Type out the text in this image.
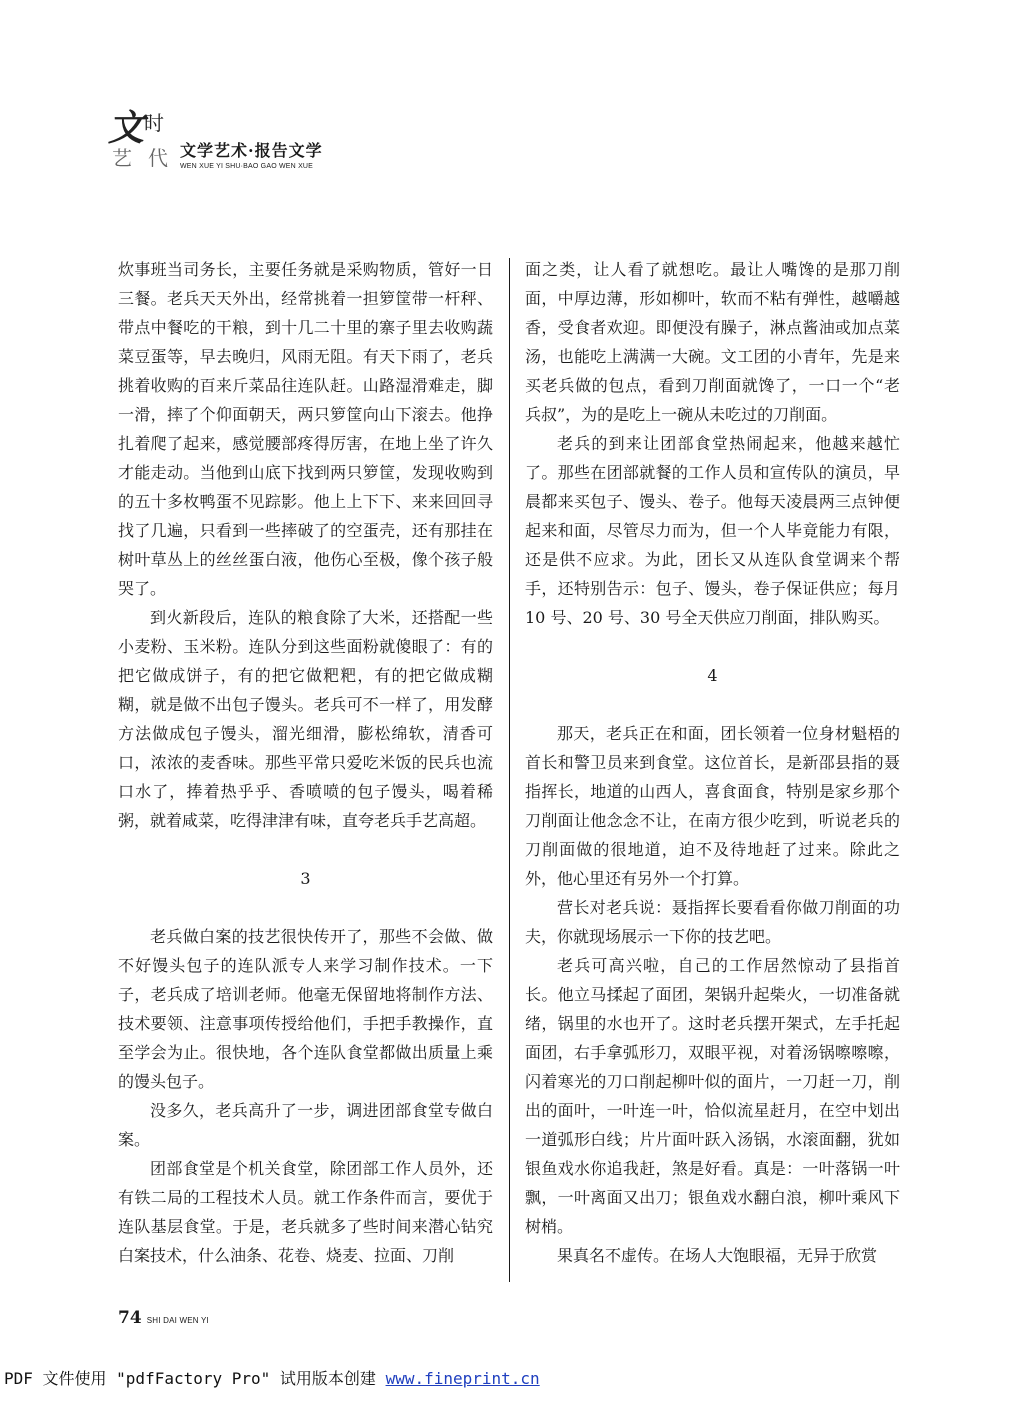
文 时
艺 代 文学艺术·报告文学
WEN XUE YI SHU·BAO GAO WEN XUE

炊事班当司务长，主要任务就是采购物质，管好一日三餐。老兵天天外出，经常挑着一担箩筐带一杆秤、带点中餐吃的干粮，到十几二十里的寨子里去收购蔬菜豆蛋等，早去晚归，风雨无阻。有天下雨了，老兵挑着收购的百来斤菜品往连队赶。山路湿滑难走，脚一滑，摔了个仰面朝天，两只箩筐向山下滚去。他挣扎着爬了起来，感觉腰部疼得厉害，在地上坐了许久才能走动。当他到山底下找到两只箩筐，发现收购到的五十多枚鸭蛋不见踪影。他上上下下、来来回回寻找了几遍，只看到一些摔破了的空蛋壳，还有那挂在树叶草丛上的丝丝蛋白液，他伤心至极，像个孩子般哭了。

到火新段后，连队的粮食除了大米，还搭配一些小麦粉、玉米粉。连队分到这些面粉就傻眼了：有的把它做成饼子，有的把它做粑粑，有的把它做成糊糊，就是做不出包子馒头。老兵可不一样了，用发酵方法做成包子馒头，溜光细滑，膨松绵软，清香可口，浓浓的麦香味。那些平常只爱吃米饭的民兵也流口水了，捧着热乎乎、香喷喷的包子馒头，喝着稀粥，就着咸菜，吃得津津有味，直夸老兵手艺高超。

3

老兵做白案的技艺很快传开了，那些不会做、做不好馒头包子的连队派专人来学习制作技术。一下子，老兵成了培训老师。他毫无保留地将制作方法、技术要领、注意事项传授给他们，手把手教操作，直至学会为止。很快地，各个连队食堂都做出质量上乘的馒头包子。

没多久，老兵高升了一步，调进团部食堂专做白案。

团部食堂是个机关食堂，除团部工作人员外，还有铁二局的工程技术人员。就工作条件而言，要优于连队基层食堂。于是，老兵就多了些时间来潜心钻究白案技术，什么油条、花卷、烧麦、拉面、刀削

面之类，让人看了就想吃。最让人嘴馋的是那刀削面，中厚边薄，形如柳叶，软而不粘有弹性，越嚼越香，受食者欢迎。即便没有臊子，淋点酱油或加点菜汤，也能吃上满满一大碗。文工团的小青年，先是来买老兵做的包点，看到刀削面就馋了，一口一个“老兵叔”，为的是吃上一碗从未吃过的刀削面。

老兵的到来让团部食堂热闹起来，他越来越忙了。那些在团部就餐的工作人员和宣传队的演员，早晨都来买包子、馒头、卷子。他每天凌晨两三点钟便起来和面，尽管尽力而为，但一个人毕竟能力有限，还是供不应求。为此，团长又从连队食堂调来个帮手，还特别告示：包子、馒头，卷子保证供应；每月 10 号、20 号、30 号全天供应刀削面，排队购买。

4

那天，老兵正在和面，团长领着一位身材魁梧的首长和警卫员来到食堂。这位首长，是新邵县指的聂指挥长，地道的山西人，喜食面食，特别是家乡那个刀削面让他念念不让，在南方很少吃到，听说老兵的刀削面做的很地道，迫不及待地赶了过来。除此之外，他心里还有另外一个打算。

营长对老兵说：聂指挥长要看看你做刀削面的功夫，你就现场展示一下你的技艺吧。

老兵可高兴啦，自己的工作居然惊动了县指首长。他立马揉起了面团，架锅升起柴火，一切准备就绪，锅里的水也开了。这时老兵摆开架式，左手托起面团，右手拿弧形刀，双眼平视，对着汤锅嚓嚓嚓，闪着寒光的刀口削起柳叶似的面片，一刀赶一刀，削出的面叶，一叶连一叶，恰似流星赶月，在空中划出一道弧形白线；片片面叶跃入汤锅，水滚面翻，犹如银鱼戏水你追我赶，煞是好看。真是：一叶落锅一叶飘，一叶离面又出刀；银鱼戏水翻白浪，柳叶乘风下树梢。

果真名不虚传。在场人大饱眼福，无异于欣赏

74 SHI DAI WEN YI
PDF 文件使用 "pdfFactory Pro" 试用版本创建 www.fineprint.cn
